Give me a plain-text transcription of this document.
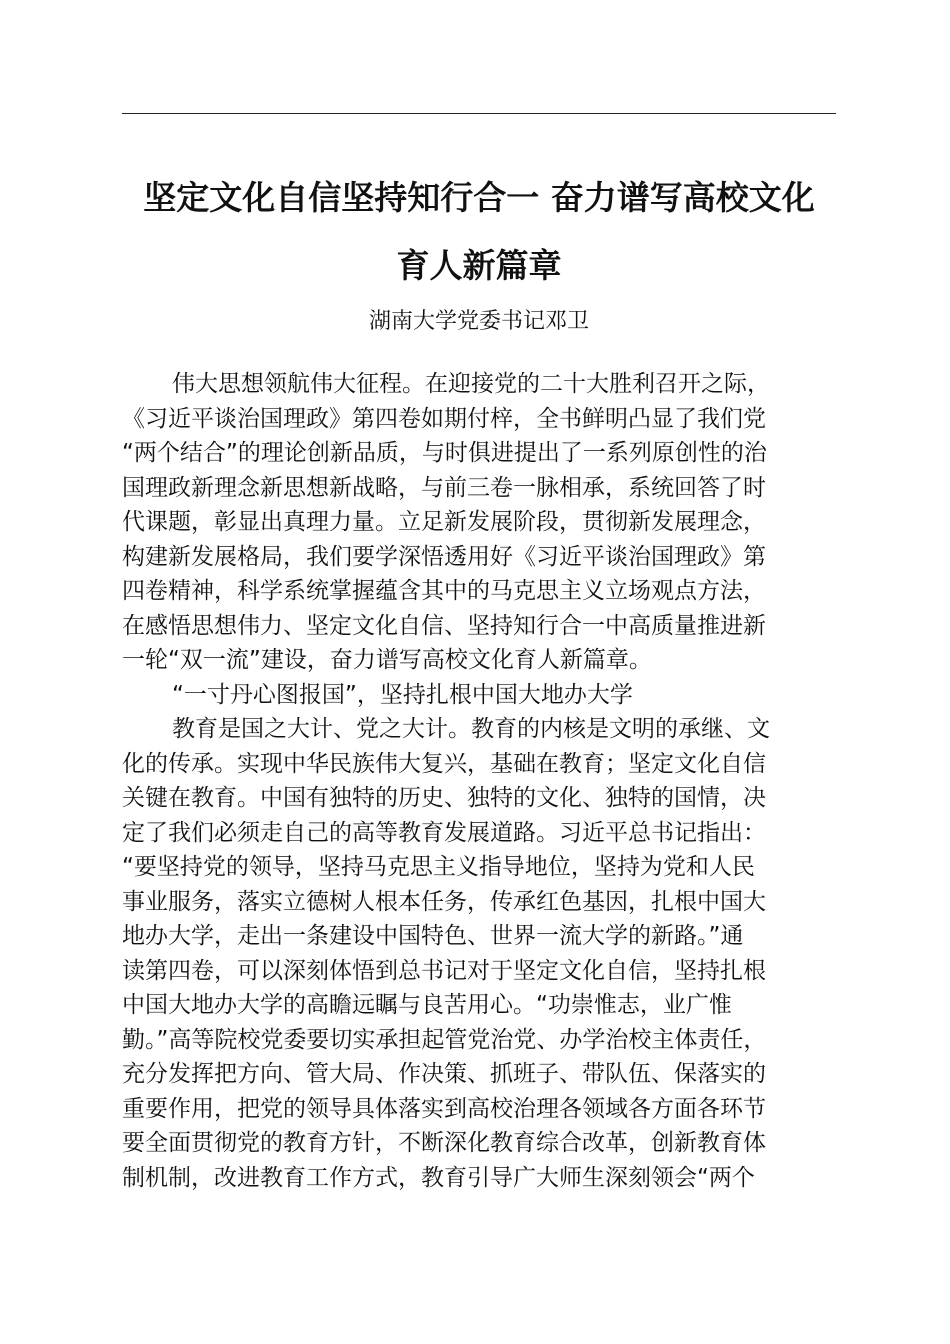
坚定文化自信坚持知行合一 奋力谱写高校文化
育人新篇章
湖南大学党委书记邓卫
伟大思想领航伟大征程。在迎接党的二十大胜利召开之际，
《习近平谈治国理政》第四卷如期付梓，全书鲜明凸显了我们党
“两个结合”的理论创新品质，与时俱进提出了一系列原创性的治
国理政新理念新思想新战略，与前三卷一脉相承，系统回答了时
代课题，彰显出真理力量。立足新发展阶段，贯彻新发展理念，
构建新发展格局，我们要学深悟透用好《习近平谈治国理政》第
四卷精神，科学系统掌握蕴含其中的马克思主义立场观点方法，
在感悟思想伟力、坚定文化自信、坚持知行合一中高质量推进新
一轮“双一流”建设，奋力谱写高校文化育人新篇章。
“一寸丹心图报国”，坚持扎根中国大地办大学
教育是国之大计、党之大计。教育的内核是文明的承继、文
化的传承。实现中华民族伟大复兴，基础在教育；坚定文化自信
关键在教育。中国有独特的历史、独特的文化、独特的国情，决
定了我们必须走自己的高等教育发展道路。习近平总书记指出：
“要坚持党的领导，坚持马克思主义指导地位，坚持为党和人民
事业服务，落实立德树人根本任务，传承红色基因，扎根中国大
地办大学，走出一条建设中国特色、世界一流大学的新路。”通
读第四卷，可以深刻体悟到总书记对于坚定文化自信，坚持扎根
中国大地办大学的高瞻远瞩与良苦用心。“功崇惟志，业广惟
勤。”高等院校党委要切实承担起管党治党、办学治校主体责任，
充分发挥把方向、管大局、作决策、抓班子、带队伍、保落实的
重要作用，把党的领导具体落实到高校治理各领域各方面各环节
要全面贯彻党的教育方针，不断深化教育综合改革，创新教育体
制机制，改进教育工作方式，教育引导广大师生深刻领会“两个
